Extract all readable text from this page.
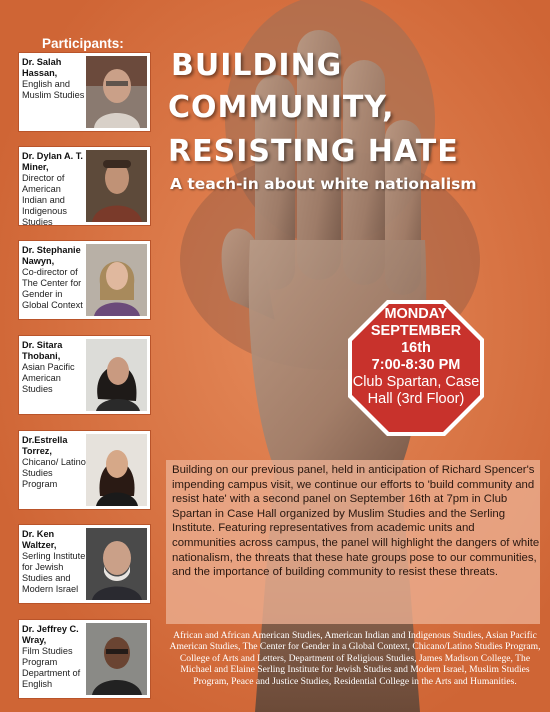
Participants:
Dr. Salah Hassan,
English and Muslim Studies
Dr. Dylan A. T. Miner,
Director of American Indian and Indigenous Studies
Dr. Stephanie Nawyn,
Co-director of The Center for Gender in Global Context
Dr. Sitara Thobani,
Asian Pacific American Studies
Dr.Estrella Torrez,
Chicano/ Latino Studies Program
Dr. Ken Waltzer,
Serling Institute for Jewish Studies and Modern Israel
Dr. Jeffrey C. Wray,
Film Studies Program Department of English
BUILDING
COMMUNITY,
RESISTING HATE
A teach-in about white nationalism
MONDAY
SEPTEMBER
16th
7:00-8:30 PM
Club Spartan, Case
Hall (3rd Floor)
Building on our previous panel, held in anticipation of Richard Spencer's impending campus visit, we continue our efforts to 'build community and resist hate' with a second panel on September 16th at 7pm in Club Spartan in Case Hall organized by Muslim Studies and the Serling Institute. Featuring representatives from academic units and communities across campus, the panel will highlight the dangers of white nationalism, the threats that these hate groups pose to our communities, and the importance of building community to resist these threats.
African and African American Studies, American Indian and Indigenous Studies, Asian Pacific American Studies, The Center for Gender in a Global Context, Chicano/Latino Studies Program, College of Arts and Letters, Department of Religious Studies, James Madison College, The Michael and Elaine Serling Institute for Jewish Studies and Modern Israel, Muslim Studies Program, Peace and Justice Studies, Residential College in the Arts and Humanities.
